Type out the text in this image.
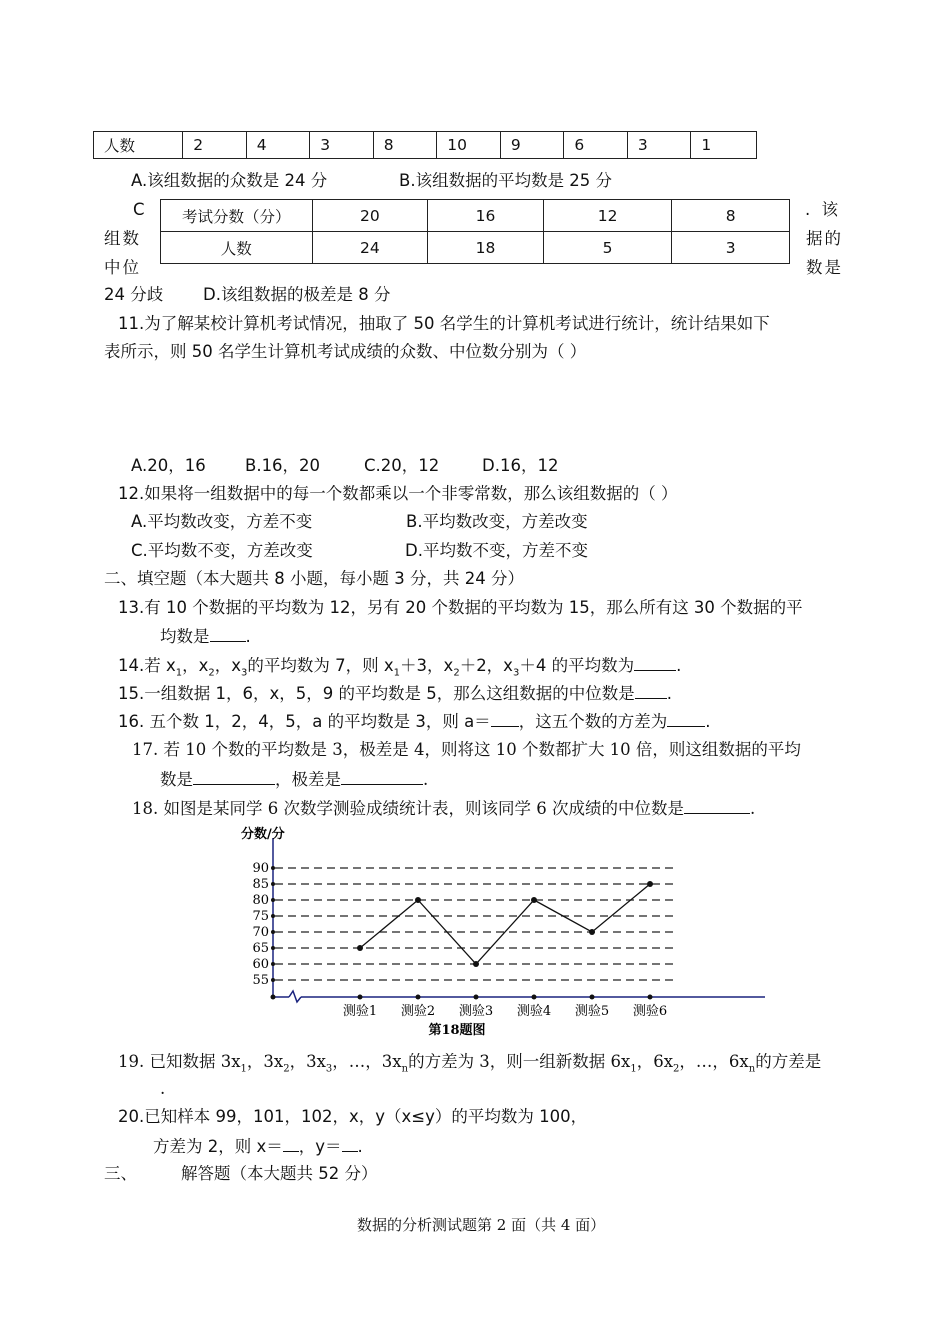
人数	2	4	3	8	10	9	6	3	1
A.该组数据的众数是 24 分	B.该组数据的平均数是 25 分
C
组数
中位
. 该
据的
数是
考试分数（分）	20	16	12	8
人数	24	18	5	3
24 分歧 D.该组数据的极差是 8 分
11.为了解某校计算机考试情况，抽取了 50 名学生的计算机考试进行统计，统计结果如下
表所示，则 50 名学生计算机考试成绩的众数、中位数分别为（ ）
A.20，16 B.16，20	C.20，12	D.16，12
12.如果将一组数据中的每一个数都乘以一个非零常数，那么该组数据的（ ）
A.平均数改变，方差不变	B.平均数改变，方差改变
C.平均数不变，方差改变	D.平均数不变，方差不变
二、填空题（本大题共 8 小题，每小题 3 分，共 24 分）
13.有 10 个数据的平均数为 12，另有 20 个数据的平均数为 15，那么所有这 30 个数据的平
均数是 .
14.若 $x_1$，$x_2$，$x_3$的平均数为 7，则 $x_1+3$，$x_2+2$，$x_3+4$ 的平均数为	.
15.一组数据 1，6，x，5，9 的平均数是 5，那么这组数据的中位数是 .
16. 五个数 1，2，4，5，a 的平均数是 3，则 a＝ ，这五个数的方差为 .
17. 若 10 个数的平均数是 3，极差是 4，则将这 10 个数都扩大 10 倍，则这组数据的平均
数是	，极差是	.
18. 如图是某同学 6 次数学测验成绩统计表，则该同学 6 次成绩的中位数是	.
分数/分
55
60
65
70
75
80
85
90
测验1 测验2 测验3 测验4 测验5 测验6
第18题图
19. 已知数据 $3x_1$，$3x_2$，$3x_3$，…，$3x_n$的方差为 3，则一组新数据 $6x_1$，$6x_2$，…，$6x_n$的方差是
.
20.已知样本 99，101，102，x，y（x≤y）的平均数为 100，
方差为 2，则 x＝ ，y＝ .
三、	解答题（本大题共 52 分）
数据的分析测试题第 2 面（共 4 面）
